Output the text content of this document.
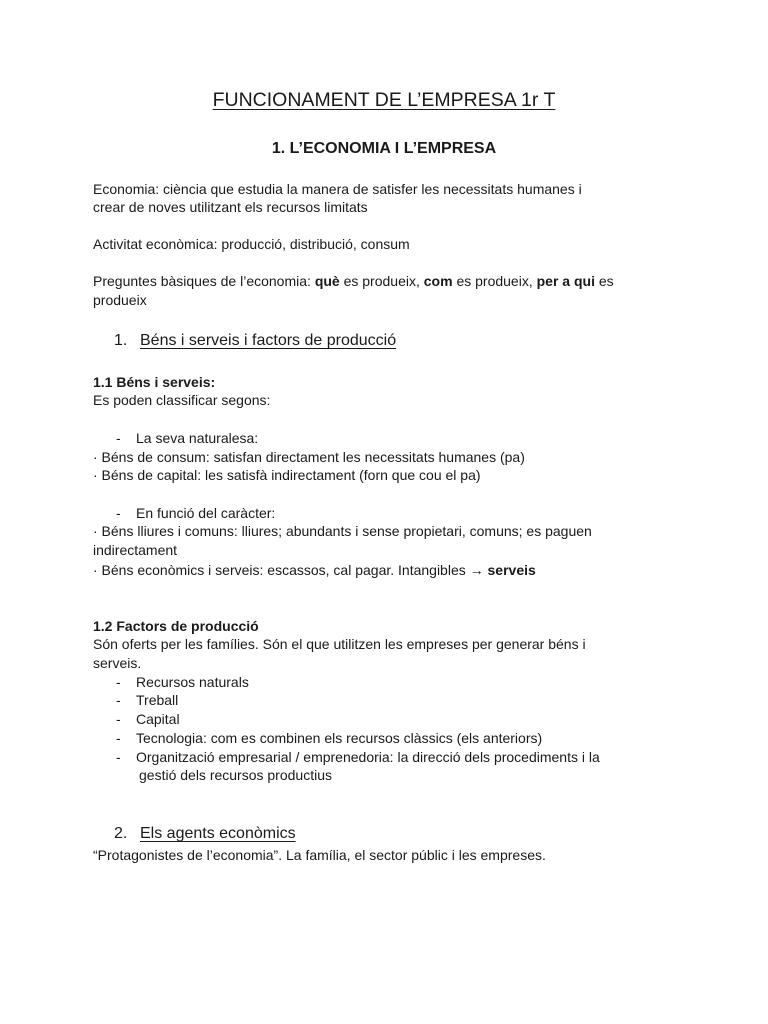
FUNCIONAMENT DE L’EMPRESA 1r T
1. L’ECONOMIA I L’EMPRESA
Economia: ciència que estudia la manera de satisfer les necessitats humanes i
crear de noves utilitzant els recursos limitats
Activitat econòmica: producció, distribució, consum
Preguntes bàsiques de l’economia: què es produeix, com es produeix, per a qui es
produeix
1. Béns i serveis i factors de producció
1.1 Béns i serveis:
Es poden classificar segons:
- La seva naturalesa:
· Béns de consum: satisfan directament les necessitats humanes (pa)
· Béns de capital: les satisfà indirectament (forn que cou el pa)
- En funció del caràcter:
· Béns lliures i comuns: lliures; abundants i sense propietari, comuns; es paguen
indirectament
· Béns econòmics i serveis: escassos, cal pagar. Intangibles → serveis
1.2 Factors de producció
Són oferts per les famílies. Són el que utilitzen les empreses per generar béns i
serveis.
- Recursos naturals
- Treball
- Capital
- Tecnologia: com es combinen els recursos clàssics (els anteriors)
- Organització empresarial / emprenedoria: la direcció dels procediments i la
gestió dels recursos productius
2. Els agents econòmics
“Protagonistes de l’economia”. La família, el sector públic i les empreses.
